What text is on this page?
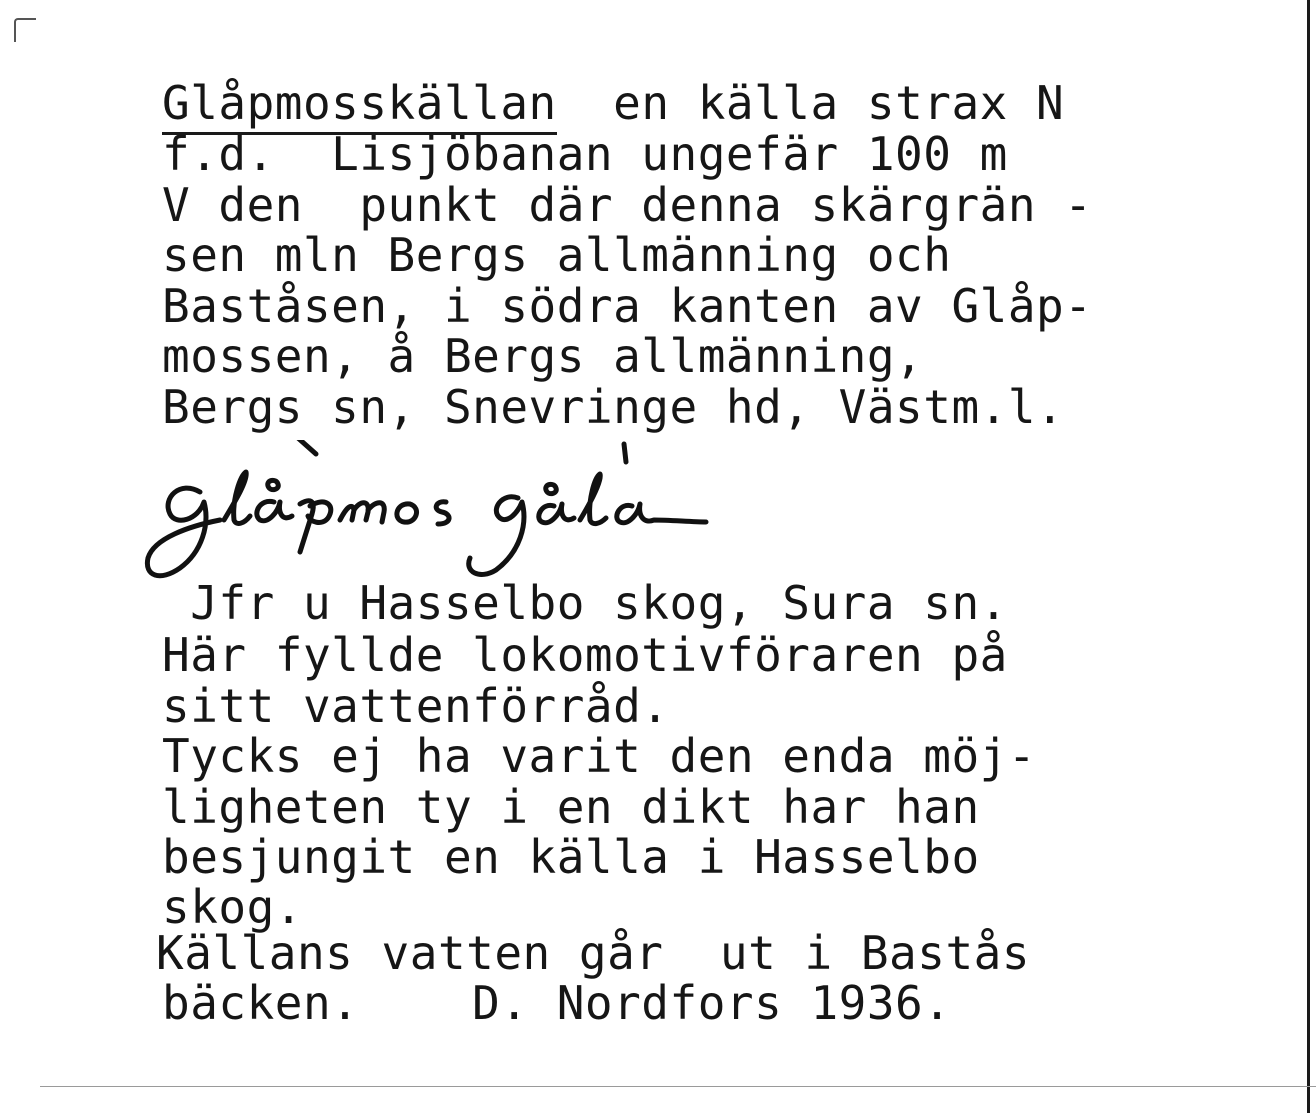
Glåpmosskällan  en källa strax N
f.d.  Lisjöbanan ungefär 100 m
V den  punkt där denna skärgrän -
sen mln Bergs allmänning och
Baståsen, i södra kanten av Glåp-
mossen, å Bergs allmänning,
Bergs sn, Snevringe hd, Västm.l.
Jfr u Hasselbo skog, Sura sn.
Här fyllde lokomotivföraren på
sitt vattenförråd.
Tycks ej ha varit den enda möj-
ligheten ty i en dikt har han
besjungit en källa i Hasselbo
skog.
Källans vatten går  ut i Bastås
bäcken.    D. Nordfors 1936.
